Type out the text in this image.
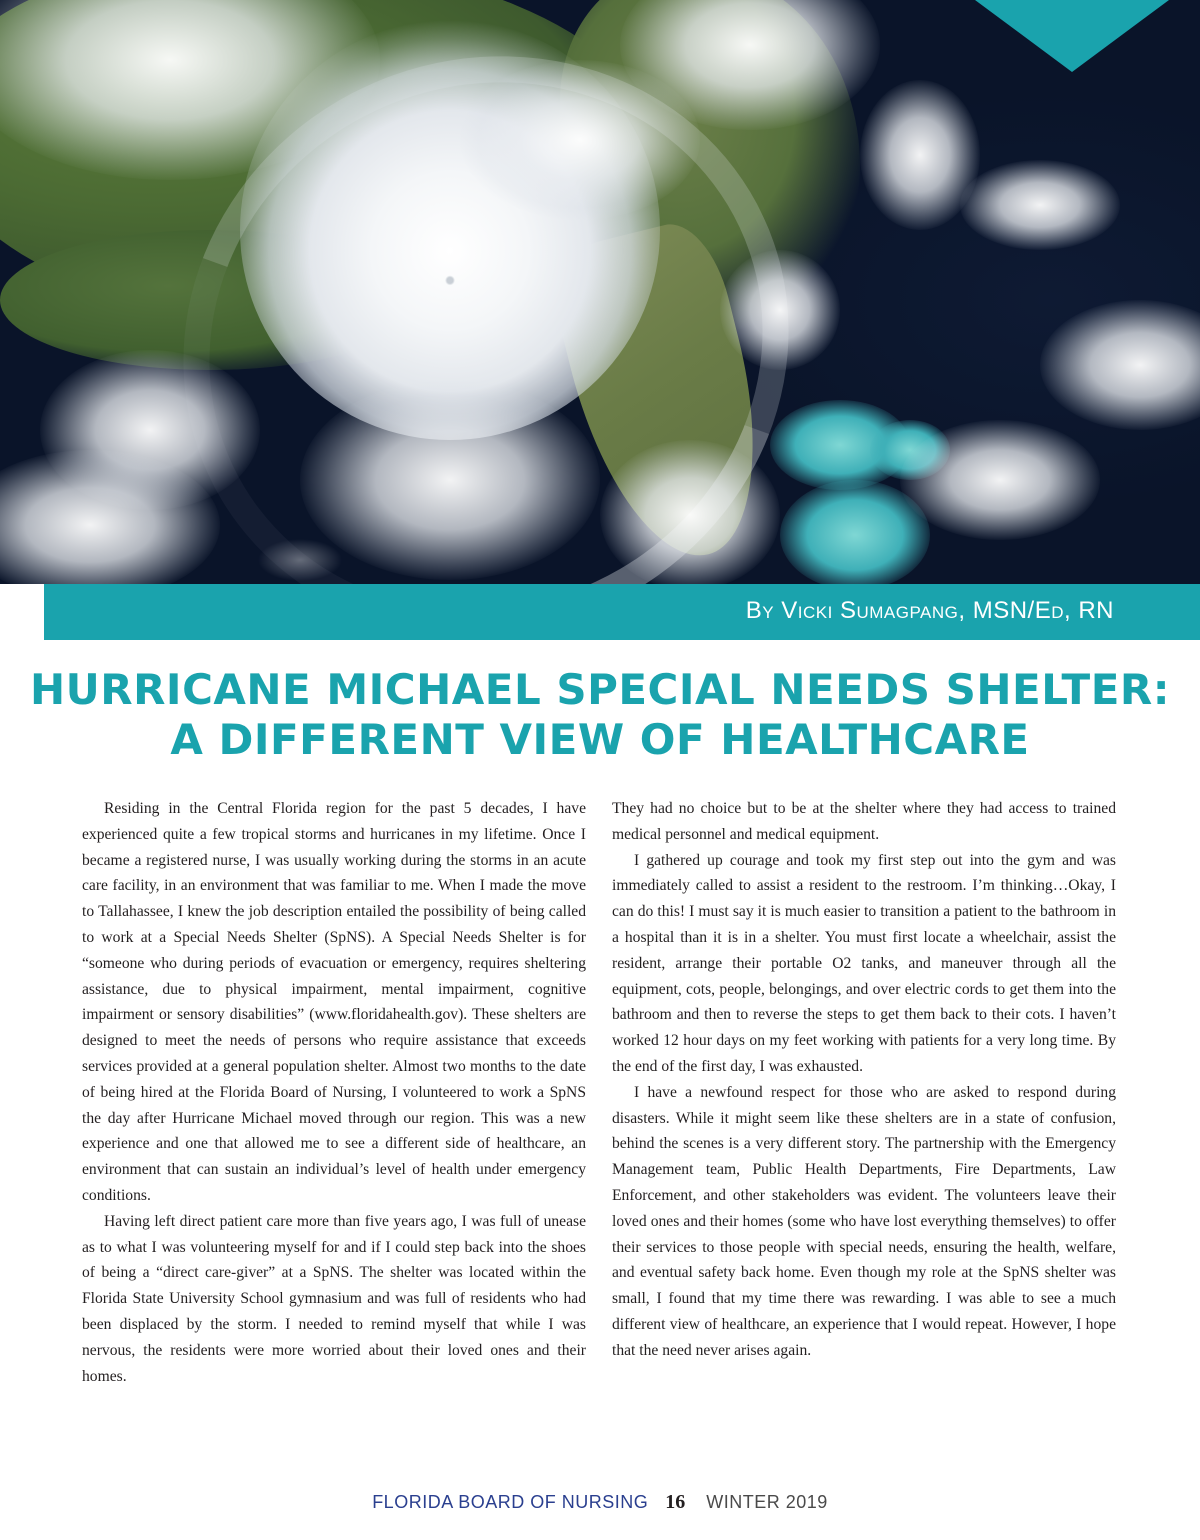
By Vicki Sumagpang, MSN/Ed, RN

HURRICANE MICHAEL SPECIAL NEEDS SHELTER:
A DIFFERENT VIEW OF HEALTHCARE

Residing in the Central Florida region for the past 5 decades, I have experienced quite a few tropical storms and hurricanes in my lifetime. Once I became a registered nurse, I was usually working during the storms in an acute care facility, in an environment that was familiar to me. When I made the move to Tallahassee, I knew the job description entailed the possibility of being called to work at a Special Needs Shelter (SpNS). A Special Needs Shelter is for “someone who during periods of evacuation or emergency, requires sheltering assistance, due to physical impairment, mental impairment, cognitive impairment or sensory disabilities” (www.floridahealth.gov). These shelters are designed to meet the needs of persons who require assistance that exceeds services provided at a general population shelter. Almost two months to the date of being hired at the Florida Board of Nursing, I volunteered to work a SpNS the day after Hurricane Michael moved through our region. This was a new experience and one that allowed me to see a different side of healthcare, an environment that can sustain an individual’s level of health under emergency conditions.

Having left direct patient care more than five years ago, I was full of unease as to what I was volunteering myself for and if I could step back into the shoes of being a “direct care-giver” at a SpNS. The shelter was located within the Florida State University School gymnasium and was full of residents who had been displaced by the storm. I needed to remind myself that while I was nervous, the residents were more worried about their loved ones and their homes.

They had no choice but to be at the shelter where they had access to trained medical personnel and medical equipment.

I gathered up courage and took my first step out into the gym and was immediately called to assist a resident to the restroom. I’m thinking…Okay, I can do this! I must say it is much easier to transition a patient to the bathroom in a hospital than it is in a shelter. You must first locate a wheelchair, assist the resident, arrange their portable O2 tanks, and maneuver through all the equipment, cots, people, belongings, and over electric cords to get them into the bathroom and then to reverse the steps to get them back to their cots. I haven’t worked 12 hour days on my feet working with patients for a very long time. By the end of the first day, I was exhausted.

I have a newfound respect for those who are asked to respond during disasters. While it might seem like these shelters are in a state of confusion, behind the scenes is a very different story. The partnership with the Emergency Management team, Public Health Departments, Fire Departments, Law Enforcement, and other stakeholders was evident. The volunteers leave their loved ones and their homes (some who have lost everything themselves) to offer their services to those people with special needs, ensuring the health, welfare, and eventual safety back home. Even though my role at the SpNS shelter was small, I found that my time there was rewarding. I was able to see a much different view of healthcare, an experience that I would repeat. However, I hope that the need never arises again.

FLORIDA BOARD OF NURSING 16 WINTER 2019
